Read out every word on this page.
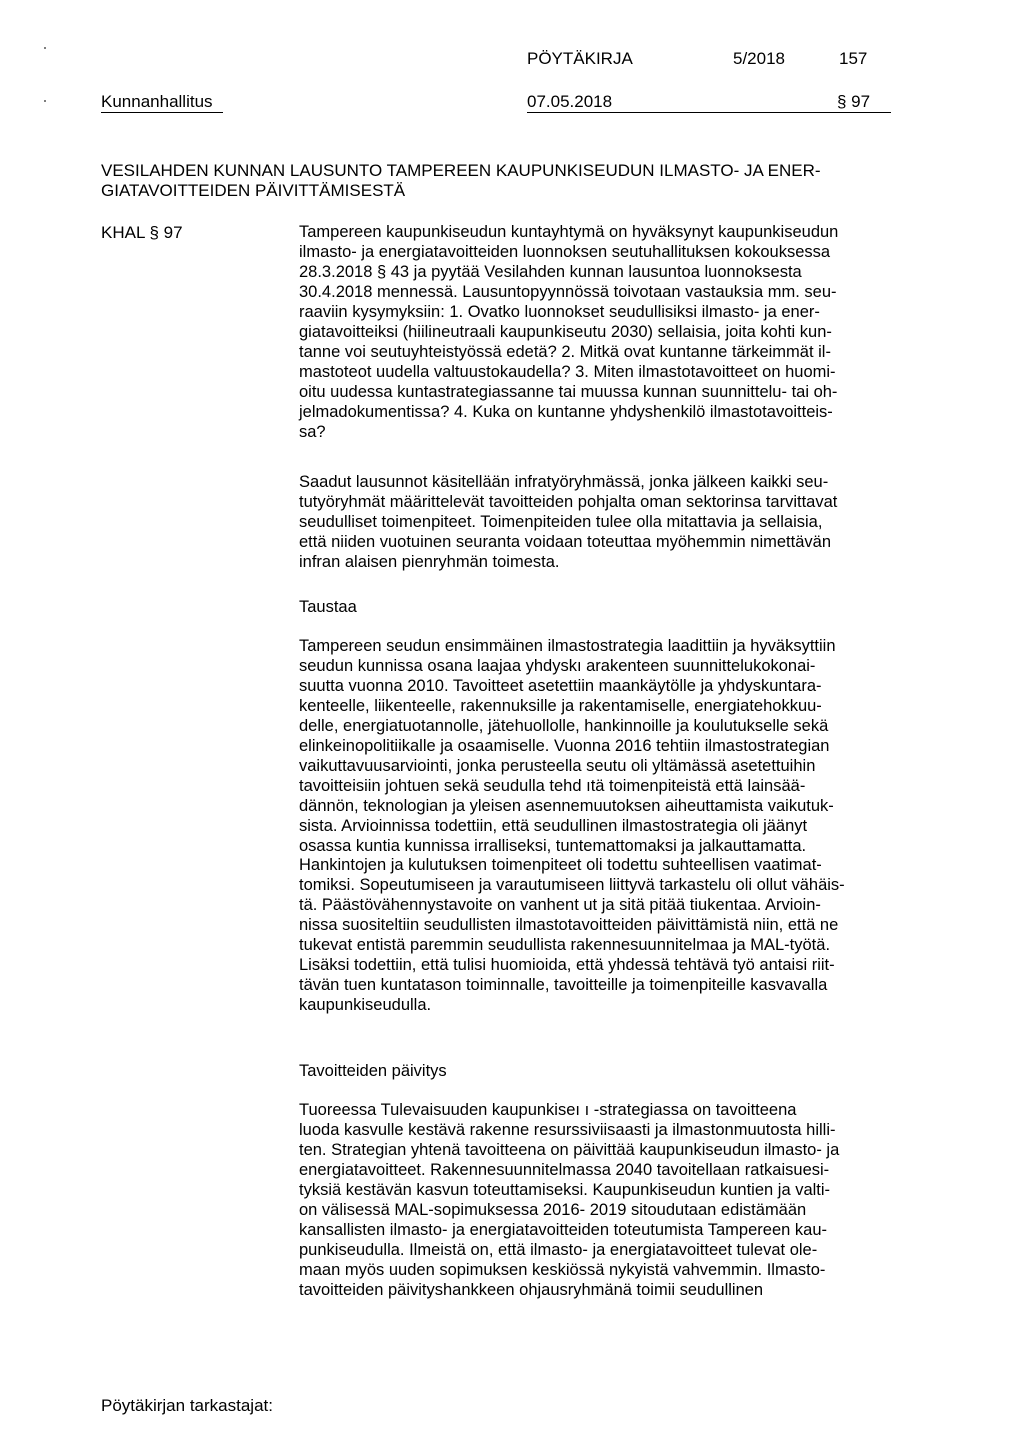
PÖYTÄKIRJA	5/2018	157
Kunnanhallitus	07.05.2018	§ 97
VESILAHDEN KUNNAN LAUSUNTO TAMPEREEN KAUPUNKISEUDUN ILMASTO- JA ENER-
GIATAVOITTEIDEN PÄIVITTÄMISESTÄ
KHAL § 97	Tampereen kaupunkiseudun kuntayhtymä on hyväksynyt kaupunkiseudun
ilmasto- ja energiatavoitteiden luonnoksen seutuhallituksen kokouksessa
28.3.2018 § 43 ja pyytää Vesilahden kunnan lausuntoa luonnoksesta
30.4.2018 mennessä. Lausuntopyynnössä toivotaan vastauksia mm. seu-
raaviin kysymyksiin: 1. Ovatko luonnokset seudullisiksi ilmasto- ja ener-
giatavoitteiksi (hiilineutraali kaupunkiseutu 2030) sellaisia, joita kohti kun-
tanne voi seutuyhteistyössä edetä? 2. Mitkä ovat kuntanne tärkeimmät il-
mastoteot uudella valtuustokaudella? 3. Miten ilmastotavoitteet on huomi-
oitu uudessa kuntastrategiassanne tai muussa kunnan suunnittelu- tai oh-
jelmadokumentissa? 4. Kuka on kuntanne yhdyshenkilö ilmastotavoitteis-
sa?
Saadut lausunnot käsitellään infratyöryhmässä, jonka jälkeen kaikki seu-
tutyöryhmät määrittelevät tavoitteiden pohjalta oman sektorinsa tarvittavat
seudulliset toimenpiteet. Toimenpiteiden tulee olla mitattavia ja sellaisia,
että niiden vuotuinen seuranta voidaan toteuttaa myöhemmin nimettävän
infran alaisen pienryhmän toimesta.
Taustaa
Tampereen seudun ensimmäinen ilmastostrategia laadittiin ja hyväksyttiin
seudun kunnissa osana laajaa yhdyskı arakenteen suunnittelukokonai-
suutta vuonna 2010. Tavoitteet asetettiin maankäytölle ja yhdyskuntara-
kenteelle, liikenteelle, rakennuksille ja rakentamiselle, energiatehokkuu-
delle, energiatuotannolle, jätehuollolle, hankinnoille ja koulutukselle sekä
elinkeinopolitiikalle ja osaamiselle. Vuonna 2016 tehtiin ilmastostrategian
vaikuttavuusarviointi, jonka perusteella seutu oli yltämässä asetettuihin
tavoitteisiin johtuen sekä seudulla tehd ıtä toimenpiteistä että lainsää-
dännön, teknologian ja yleisen asennemuutoksen aiheuttamista vaikutuk-
sista. Arvioinnissa todettiin, että seudullinen ilmastostrategia oli jäänyt
osassa kuntia kunnissa irralliseksi, tuntemattomaksi ja jalkauttamatta.
Hankintojen ja kulutuksen toimenpiteet oli todettu suhteellisen vaatimat-
tomiksi. Sopeutumiseen ja varautumiseen liittyvä tarkastelu oli ollut vähäis-
tä. Päästövähennystavoite on vanhent ut ja sitä pitää tiukentaa. Arvioin-
nissa suositeltiin seudullisten ilmastotavoitteiden päivittämistä niin, että ne
tukevat entistä paremmin seudullista rakennesuunnitelmaa ja MAL-työtä.
Lisäksi todettiin, että tulisi huomioida, että yhdessä tehtävä työ antaisi riit-
tävän tuen kuntatason toiminnalle, tavoitteille ja toimenpiteille kasvavalla
kaupunkiseudulla.
Tavoitteiden päivitys
Tuoreessa Tulevaisuuden kaupunkiseı ı -strategiassa on tavoitteena
luoda kasvulle kestävä rakenne resurssiviisaasti ja ilmastonmuutosta hilli-
ten. Strategian yhtenä tavoitteena on päivittää kaupunkiseudun ilmasto- ja
energiatavoitteet. Rakennesuunnitelmassa 2040 tavoitellaan ratkaisuesi-
tyksiä kestävän kasvun toteuttamiseksi. Kaupunkiseudun kuntien ja valti-
on välisessä MAL-sopimuksessa 2016- 2019 sitoudutaan edistämään
kansallisten ilmasto- ja energiatavoitteiden toteutumista Tampereen kau-
punkiseudulla. Ilmeistä on, että ilmasto- ja energiatavoitteet tulevat ole-
maan myös uuden sopimuksen keskiössä nykyistä vahvemmin. Ilmasto-
tavoitteiden päivityshankkeen ohjausryhmänä toimii seudullinen
Pöytäkirjan tarkastajat:
